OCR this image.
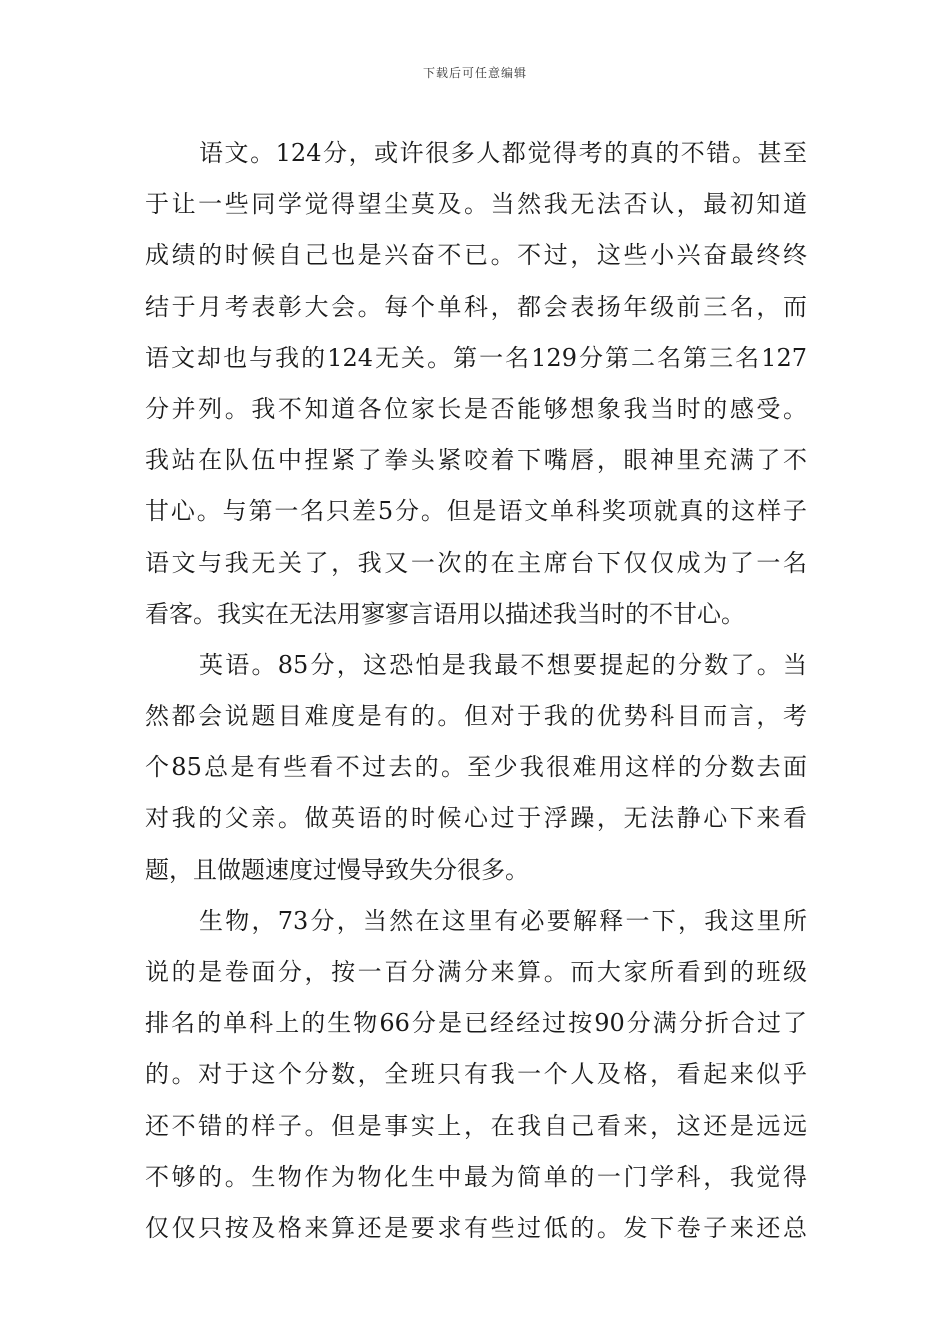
下载后可任意编辑
语文。124分，或许很多人都觉得考的真的不错。甚至
于让一些同学觉得望尘莫及。当然我无法否认，最初知道
成绩的时候自己也是兴奋不已。不过，这些小兴奋最终终
结于月考表彰大会。每个单科，都会表扬年级前三名，而
语文却也与我的124无关。第一名129分第二名第三名127
分并列。我不知道各位家长是否能够想象我当时的感受。
我站在队伍中捏紧了拳头紧咬着下嘴唇，眼神里充满了不
甘心。与第一名只差5分。但是语文单科奖项就真的这样子
语文与我无关了，我又一次的在主席台下仅仅成为了一名
看客。我实在无法用寥寥言语用以描述我当时的不甘心。
英语。85分，这恐怕是我最不想要提起的分数了。当
然都会说题目难度是有的。但对于我的优势科目而言，考
个85总是有些看不过去的。至少我很难用这样的分数去面
对我的父亲。做英语的时候心过于浮躁，无法静心下来看
题，且做题速度过慢导致失分很多。
生物，73分，当然在这里有必要解释一下，我这里所
说的是卷面分，按一百分满分来算。而大家所看到的班级
排名的单科上的生物66分是已经经过按90分满分折合过了
的。对于这个分数，全班只有我一个人及格，看起来似乎
还不错的样子。但是事实上，在我自己看来，这还是远远
不够的。生物作为物化生中最为简单的一门学科，我觉得
仅仅只按及格来算还是要求有些过低的。发下卷子来还总
